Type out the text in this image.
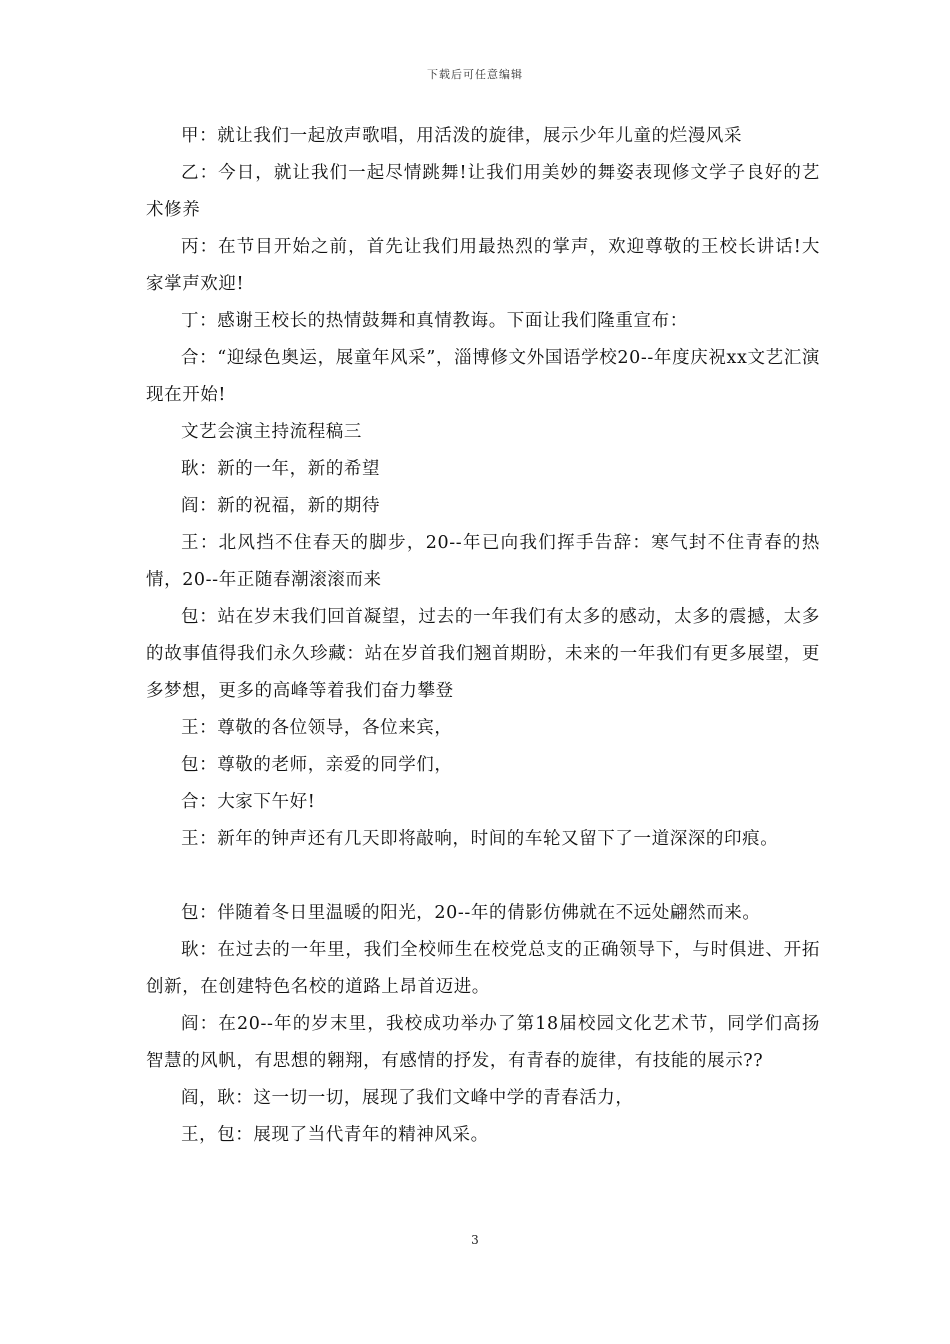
下载后可任意编辑

甲：就让我们一起放声歌唱，用活泼的旋律，展示少年儿童的烂漫风采

乙：今日，就让我们一起尽情跳舞!让我们用美妙的舞姿表现修文学子良好的艺术修养

丙：在节目开始之前，首先让我们用最热烈的掌声，欢迎尊敬的王校长讲话!大家掌声欢迎!

丁：感谢王校长的热情鼓舞和真情教诲。下面让我们隆重宣布：

合：“迎绿色奥运，展童年风采”，淄博修文外国语学校20--年度庆祝xx文艺汇演现在开始!

文艺会演主持流程稿三

耿：新的一年，新的希望

阎：新的祝福，新的期待

王：北风挡不住春天的脚步，20--年已向我们挥手告辞：寒气封不住青春的热情，20--年正随春潮滚滚而来

包：站在岁末我们回首凝望，过去的一年我们有太多的感动，太多的震撼，太多的故事值得我们永久珍藏：站在岁首我们翘首期盼，未来的一年我们有更多展望，更多梦想，更多的高峰等着我们奋力攀登

王：尊敬的各位领导，各位来宾，

包：尊敬的老师，亲爱的同学们，

合：大家下午好!

王：新年的钟声还有几天即将敲响，时间的车轮又留下了一道深深的印痕。

包：伴随着冬日里温暖的阳光，20--年的倩影仿佛就在不远处翩然而来。

耿：在过去的一年里，我们全校师生在校党总支的正确领导下，与时俱进、开拓创新，在创建特色名校的道路上昂首迈进。

阎：在20--年的岁末里，我校成功举办了第18届校园文化艺术节，同学们高扬智慧的风帆，有思想的翱翔，有感情的抒发，有青春的旋律，有技能的展示??

阎，耿：这一切一切，展现了我们文峰中学的青春活力，

王，包：展现了当代青年的精神风采。

3
